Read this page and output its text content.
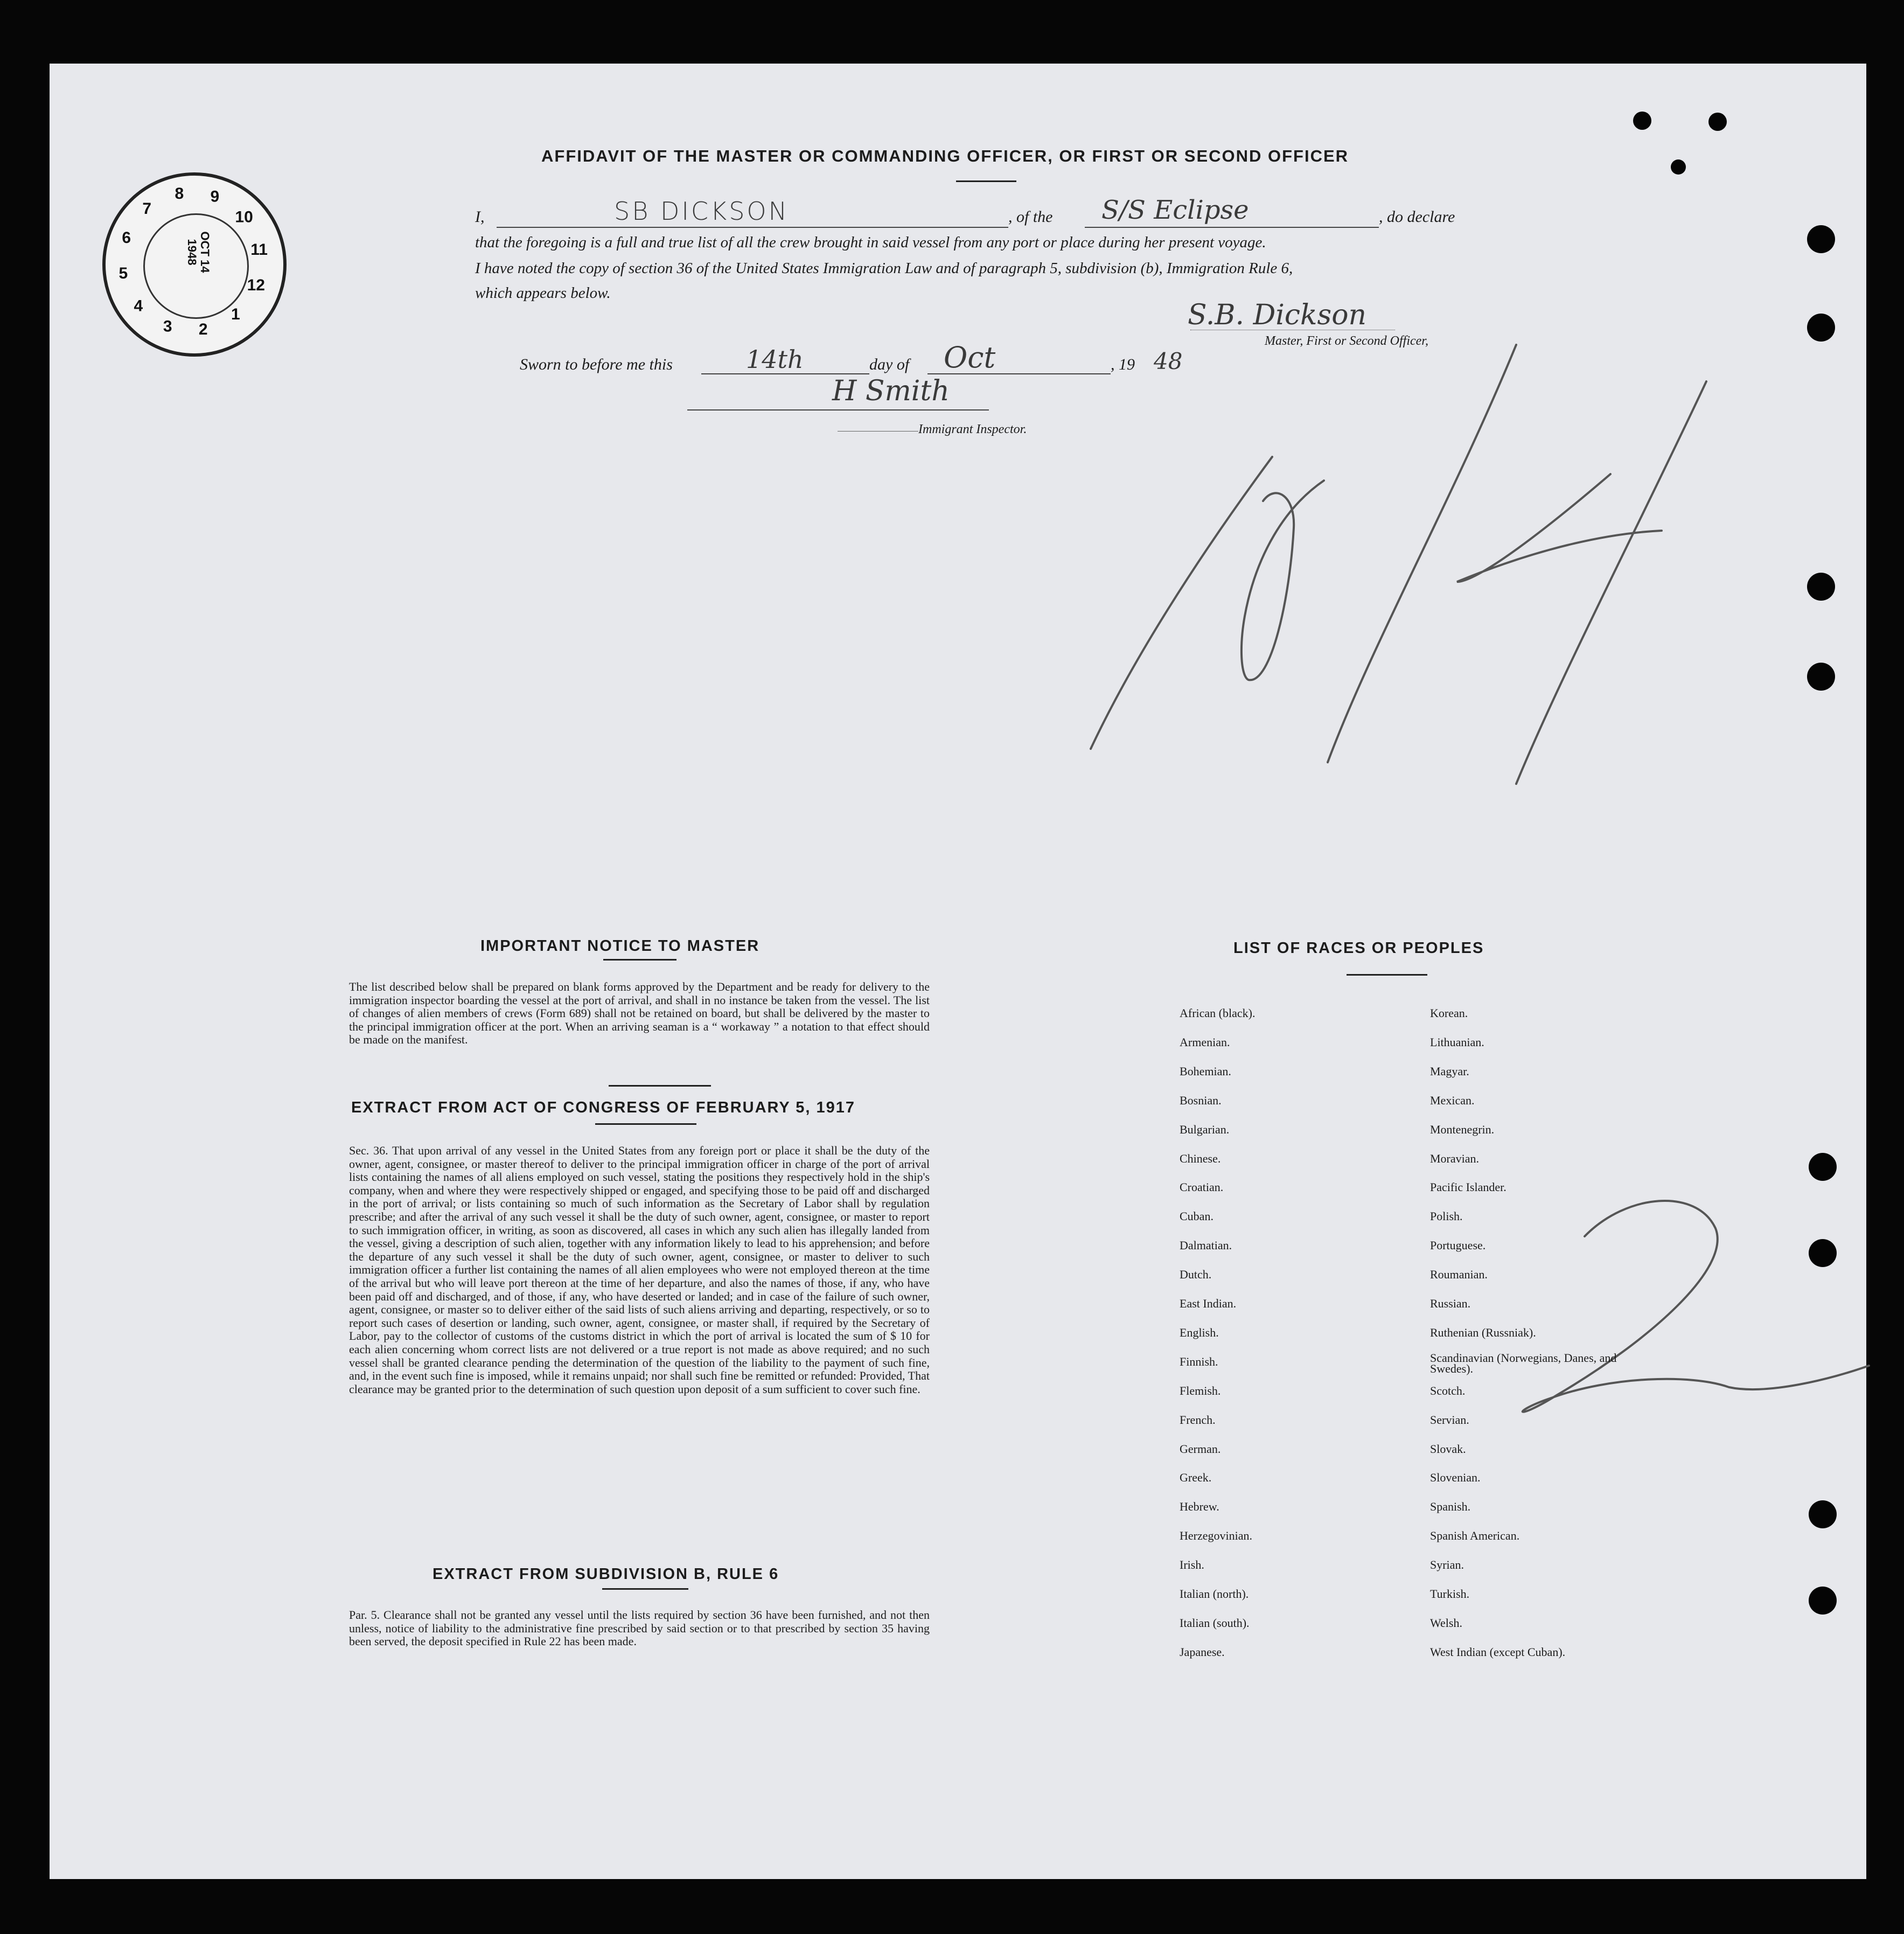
AFFIDAVIT OF THE MASTER OR COMMANDING OFFICER, OR FIRST OR SECOND OFFICER
I,	SB DICKSON	, of the S/S Eclipse	, do declare
that the foregoing is a full and true list of all the crew brought in said vessel from any port or place during her present voyage.
I have noted the copy of section 36 of the United States Immigration Law and of paragraph 5, subdivision (b), Immigration Rule 6,
which appears below.
S.B. Dickson
Master, First or Second Officer,
Sworn to before me this	14th	day of Oct	, 19 48
H Smith
Immigrant Inspector.
7
8 9
10
11
12
1
2
3
4
5
6	OCT 14 1948
IMPORTANT NOTICE TO MASTER
The list described below shall be prepared on blank forms approved by the Department and be ready for delivery to the immigration inspector boarding the vessel at the port of arrival, and shall in no instance be taken from the vessel. The list of changes of alien members of crews (Form 689) shall not be retained on board, but shall be delivered by the master to the principal immigration officer at the port. When an arriving seaman is a “ workaway ” a notation to that effect should be made on the manifest.
EXTRACT FROM ACT OF CONGRESS OF FEBRUARY 5, 1917
Sec. 36. That upon arrival of any vessel in the United States from any foreign port or place it shall be the duty of the owner, agent, consignee, or master thereof to deliver to the principal immigration officer in charge of the port of arrival lists containing the names of all aliens employed on such vessel, stating the positions they respectively hold in the ship's company, when and where they were respectively shipped or engaged, and specifying those to be paid off and discharged in the port of arrival; or lists containing so much of such information as the Secretary of Labor shall by regulation prescribe; and after the arrival of any such vessel it shall be the duty of such owner, agent, consignee, or master to report to such immigration officer, in writing, as soon as discovered, all cases in which any such alien has illegally landed from the vessel, giving a description of such alien, together with any information likely to lead to his apprehension; and before the departure of any such vessel it shall be the duty of such owner, agent, consignee, or master to deliver to such immigration officer a further list containing the names of all alien employees who were not employed thereon at the time of the arrival but who will leave port thereon at the time of her departure, and also the names of those, if any, who have been paid off and discharged, and of those, if any, who have deserted or landed; and in case of the failure of such owner, agent, consignee, or master so to deliver either of the said lists of such aliens arriving and departing, respectively, or so to report such cases of desertion or landing, such owner, agent, consignee, or master shall, if required by the Secretary of Labor, pay to the collector of customs of the customs district in which the port of arrival is located the sum of $ 10 for each alien concerning whom correct lists are not delivered or a true report is not made as above required; and no such vessel shall be granted clearance pending the determination of the question of the liability to the payment of such fine, and, in the event such fine is imposed, while it remains unpaid; nor shall such fine be remitted or refunded: Provided, That clearance may be granted prior to the determination of such question upon deposit of a sum sufficient to cover such fine.
EXTRACT FROM SUBDIVISION B, RULE 6
Par. 5. Clearance shall not be granted any vessel until the lists required by section 36 have been furnished, and not then unless, notice of liability to the administrative fine prescribed by said section or to that prescribed by section 35 having been served, the deposit specified in Rule 22 has been made.
LIST OF RACES OR PEOPLES
African (black).
Armenian.
Bohemian.
Bosnian.
Bulgarian.
Chinese.
Croatian.
Cuban.
Dalmatian.
Dutch.
East Indian.
English.
Finnish.
Flemish.
French.
German.
Greek.
Hebrew.
Herzegovinian.
Irish.
Italian (north).
Italian (south).
Japanese.
Korean.
Lithuanian.
Magyar.
Mexican.
Montenegrin.
Moravian.
Pacific Islander.
Polish.
Portuguese.
Roumanian.
Russian.
Ruthenian (Russniak).
Scandinavian (Norwegians, Danes, and Swedes).
Scotch.
Servian.
Slovak.
Slovenian.
Spanish.
Spanish American.
Syrian.
Turkish.
Welsh.
West Indian (except Cuban).
